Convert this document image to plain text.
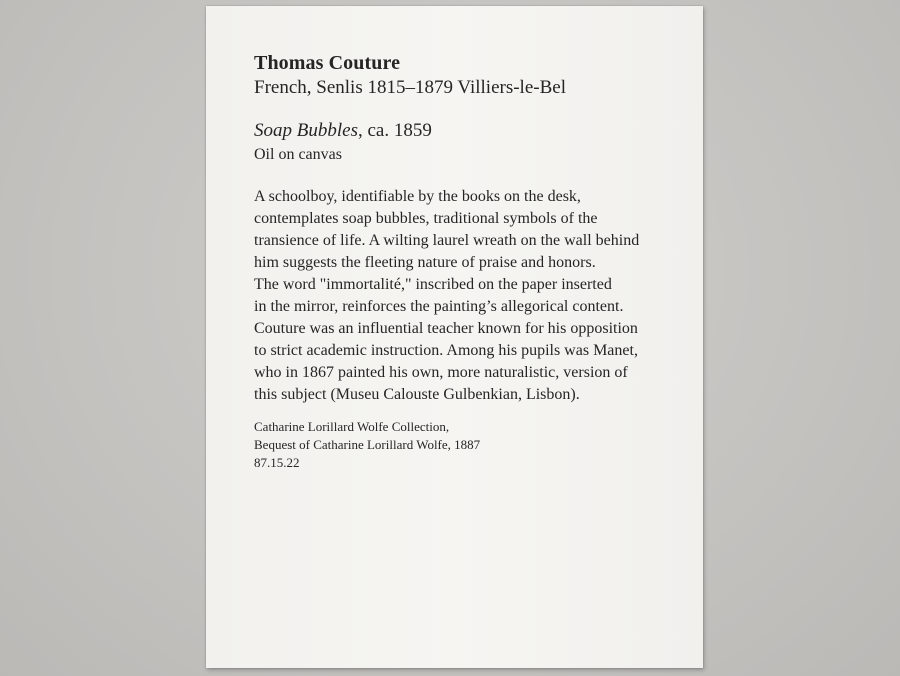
Thomas Couture
French, Senlis 1815–1879 Villiers-le-Bel
Soap Bubbles, ca. 1859
Oil on canvas
A schoolboy, identifiable by the books on the desk,
contemplates soap bubbles, traditional symbols of the
transience of life. A wilting laurel wreath on the wall behind
him suggests the fleeting nature of praise and honors.
The word "immortalité," inscribed on the paper inserted
in the mirror, reinforces the painting’s allegorical content.
Couture was an influential teacher known for his opposition
to strict academic instruction. Among his pupils was Manet,
who in 1867 painted his own, more naturalistic, version of
this subject (Museu Calouste Gulbenkian, Lisbon).
Catharine Lorillard Wolfe Collection,
Bequest of Catharine Lorillard Wolfe, 1887
87.15.22
